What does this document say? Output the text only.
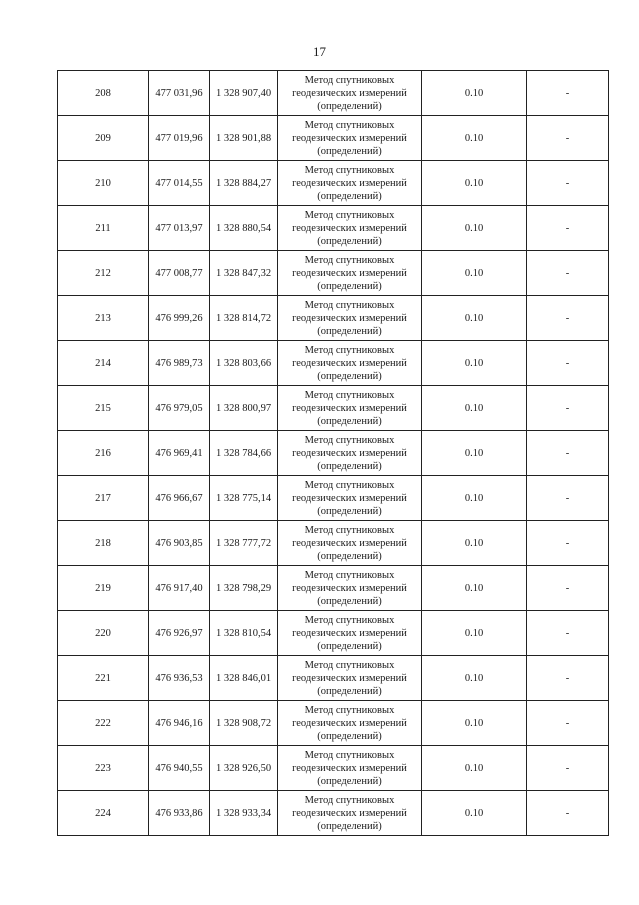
17
208	477 031,96	1 328 907,40	Метод спутниковых
геодезических измерений
(определений)	0.10	-
209	477 019,96	1 328 901,88	Метод спутниковых
геодезических измерений
(определений)	0.10	-
210	477 014,55	1 328 884,27	Метод спутниковых
геодезических измерений
(определений)	0.10	-
211	477 013,97	1 328 880,54	Метод спутниковых
геодезических измерений
(определений)	0.10	-
212	477 008,77	1 328 847,32	Метод спутниковых
геодезических измерений
(определений)	0.10	-
213	476 999,26	1 328 814,72	Метод спутниковых
геодезических измерений
(определений)	0.10	-
214	476 989,73	1 328 803,66	Метод спутниковых
геодезических измерений
(определений)	0.10	-
215	476 979,05	1 328 800,97	Метод спутниковых
геодезических измерений
(определений)	0.10	-
216	476 969,41	1 328 784,66	Метод спутниковых
геодезических измерений
(определений)	0.10	-
217	476 966,67	1 328 775,14	Метод спутниковых
геодезических измерений
(определений)	0.10	-
218	476 903,85	1 328 777,72	Метод спутниковых
геодезических измерений
(определений)	0.10	-
219	476 917,40	1 328 798,29	Метод спутниковых
геодезических измерений
(определений)	0.10	-
220	476 926,97	1 328 810,54	Метод спутниковых
геодезических измерений
(определений)	0.10	-
221	476 936,53	1 328 846,01	Метод спутниковых
геодезических измерений
(определений)	0.10	-
222	476 946,16	1 328 908,72	Метод спутниковых
геодезических измерений
(определений)	0.10	-
223	476 940,55	1 328 926,50	Метод спутниковых
геодезических измерений
(определений)	0.10	-
224	476 933,86	1 328 933,34	Метод спутниковых
геодезических измерений
(определений)	0.10	-
